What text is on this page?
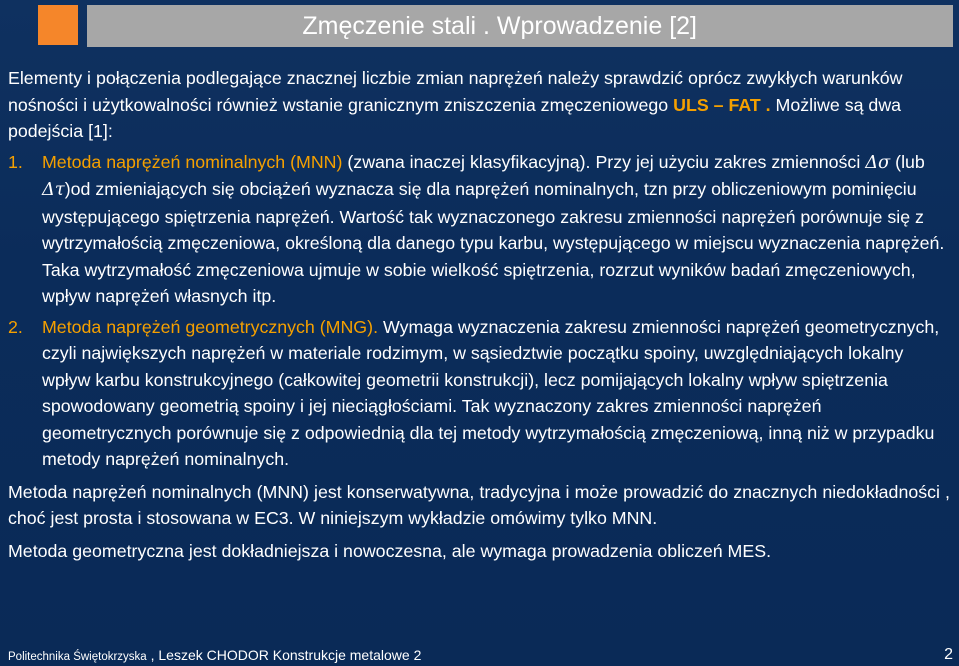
Zmęczenie stali . Wprowadzenie [2]

Elementy i połączenia podlegające znacznej liczbie zmian naprężeń należy sprawdzić oprócz zwykłych warunków nośności i użytkowalności również wstanie granicznym zniszczenia zmęczeniowego ULS – FAT . Możliwe są dwa podejścia [1]:

1.	Metoda naprężeń nominalnych (MNN) (zwana inaczej klasyfikacyjną). Przy jej użyciu zakres zmienności Δσ (lub Δτ)od zmieniających się obciążeń wyznacza się dla naprężeń nominalnych, tzn przy obliczeniowym pominięciu występującego spiętrzenia naprężeń. Wartość tak wyznaczonego zakresu zmienności naprężeń porównuje się z wytrzymałością zmęczeniowa, określoną dla danego typu karbu, występującego w miejscu wyznaczenia naprężeń. Taka wytrzymałość zmęczeniowa ujmuje w sobie wielkość spiętrzenia, rozrzut wyników badań zmęczeniowych, wpływ naprężeń własnych itp.
2.	Metoda naprężeń geometrycznych (MNG). Wymaga wyznaczenia zakresu zmienności naprężeń geometrycznych, czyli największych naprężeń w materiale rodzimym, w sąsiedztwie początku spoiny, uwzględniających lokalny wpływ karbu konstrukcyjnego (całkowitej geometrii konstrukcji), lecz pomijających lokalny wpływ spiętrzenia spowodowany geometrią spoiny i jej nieciągłościami. Tak wyznaczony zakres zmienności naprężeń geometrycznych porównuje się z odpowiednią dla tej metody wytrzymałością zmęczeniową, inną niż w przypadku metody naprężeń nominalnych.

Metoda naprężeń nominalnych (MNN) jest konserwatywna, tradycyjna i może prowadzić do znacznych niedokładności , choć jest prosta i stosowana w EC3. W niniejszym wykładzie omówimy tylko MNN.

Metoda geometryczna jest dokładniejsza i nowoczesna, ale wymaga prowadzenia obliczeń MES.

Politechnika Świętokrzyska , Leszek CHODOR Konstrukcje metalowe 2	2
